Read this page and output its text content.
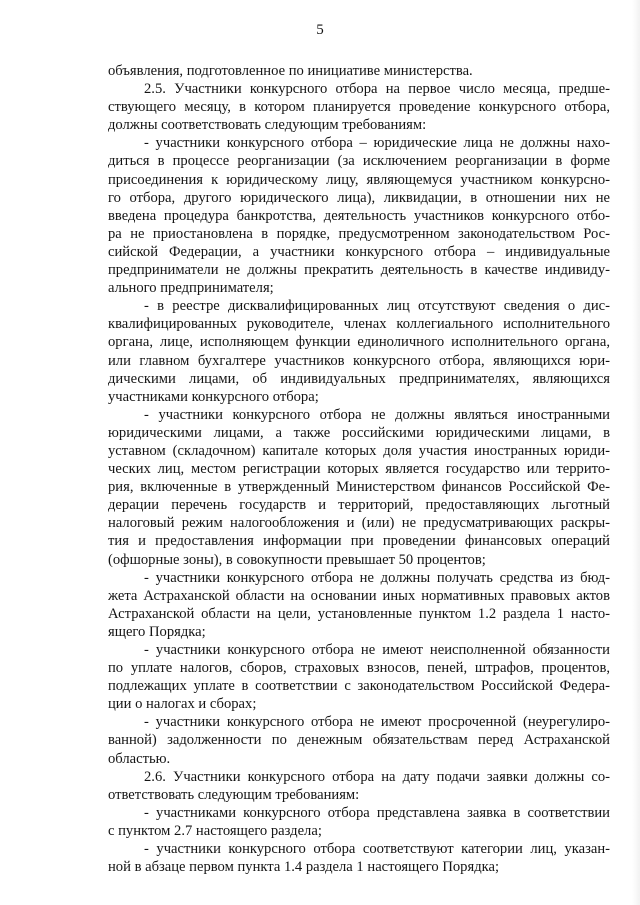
5
объявления, подготовленное по инициативе министерства.
2.5. Участники конкурсного отбора на первое число месяца, предше-
ствующего месяцу, в котором планируется проведение конкурсного отбора,
должны соответствовать следующим требованиям:
- участники конкурсного отбора – юридические лица не должны нахо-
диться в процессе реорганизации (за исключением реорганизации в форме
присоединения к юридическому лицу, являющемуся участником конкурсно-
го отбора, другого юридического лица), ликвидации, в отношении них не
введена процедура банкротства, деятельность участников конкурсного отбо-
ра не приостановлена в порядке, предусмотренном законодательством Рос-
сийской Федерации, а участники конкурсного отбора – индивидуальные
предприниматели не должны прекратить деятельность в качестве индивиду-
ального предпринимателя;
- в реестре дисквалифицированных лиц отсутствуют сведения о дис-
квалифицированных руководителе, членах коллегиального исполнительного
органа, лице, исполняющем функции единоличного исполнительного органа,
или главном бухгалтере участников конкурсного отбора, являющихся юри-
дическими лицами, об индивидуальных предпринимателях, являющихся
участниками конкурсного отбора;
- участники конкурсного отбора не должны являться иностранными
юридическими лицами, а также российскими юридическими лицами, в
уставном (складочном) капитале которых доля участия иностранных юриди-
ческих лиц, местом регистрации которых является государство или террито-
рия, включенные в утвержденный Министерством финансов Российской Фе-
дерации перечень государств и территорий, предоставляющих льготный
налоговый режим налогообложения и (или) не предусматривающих раскры-
тия и предоставления информации при проведении финансовых операций
(офшорные зоны), в совокупности превышает 50 процентов;
- участники конкурсного отбора не должны получать средства из бюд-
жета Астраханской области на основании иных нормативных правовых актов
Астраханской области на цели, установленные пунктом 1.2 раздела 1 насто-
ящего Порядка;
- участники конкурсного отбора не имеют неисполненной обязанности
по уплате налогов, сборов, страховых взносов, пеней, штрафов, процентов,
подлежащих уплате в соответствии с законодательством Российской Федера-
ции о налогах и сборах;
- участники конкурсного отбора не имеют просроченной (неурегулиро-
ванной) задолженности по денежным обязательствам перед Астраханской
областью.
2.6. Участники конкурсного отбора на дату подачи заявки должны со-
ответствовать следующим требованиям:
- участниками конкурсного отбора представлена заявка в соответствии
с пунктом 2.7 настоящего раздела;
- участники конкурсного отбора соответствуют категории лиц, указан-
ной в абзаце первом пункта 1.4 раздела 1 настоящего Порядка;
